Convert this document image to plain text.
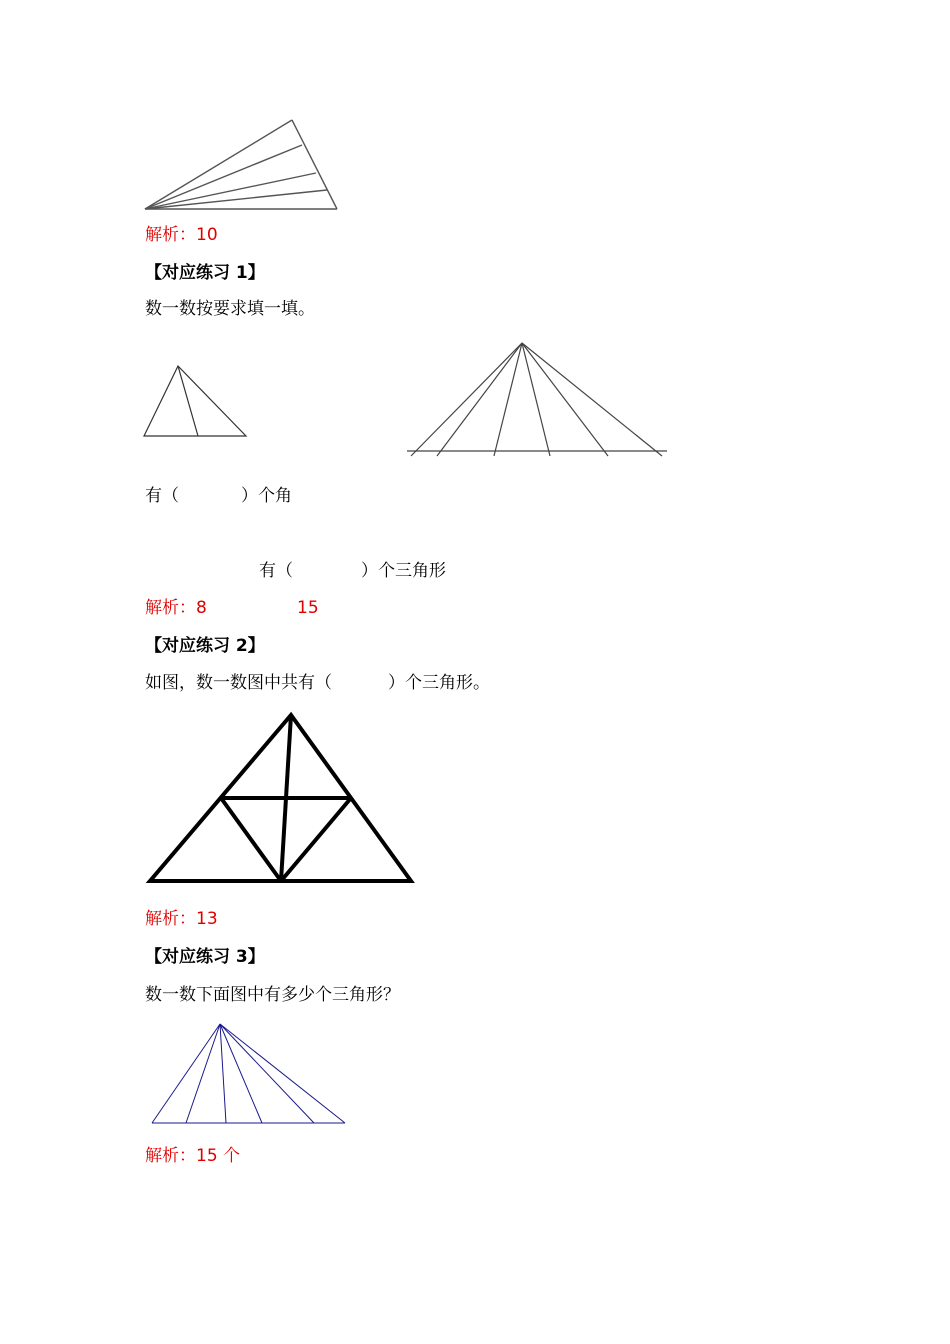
解析：10
【对应练习 1】
数一数按要求填一填。
有（	）个角
有（	）个三角形
解析：8	15
【对应练习 2】
如图，数一数图中共有（	）个三角形。
解析：13
【对应练习 3】
数一数下面图中有多少个三角形？
解析：15 个
